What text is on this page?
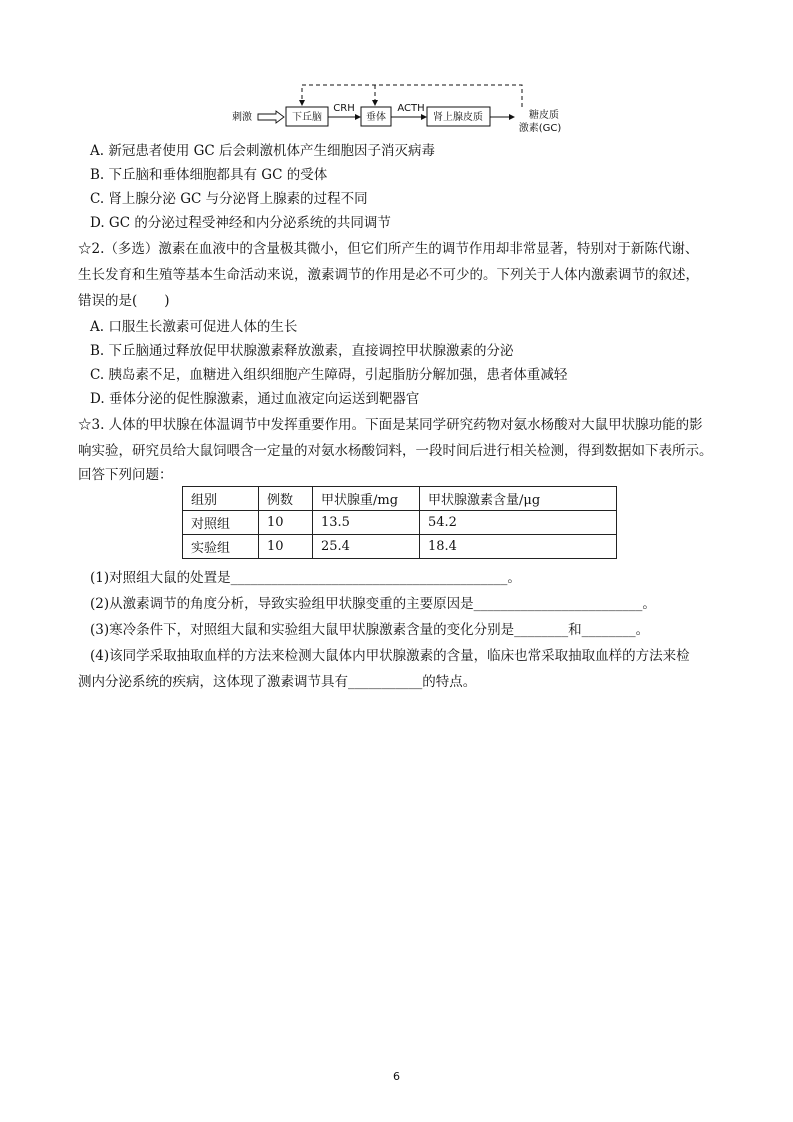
刺激	下丘脑
CRH
垂体
ACTH
肾上腺皮质	糖皮质
激素(GC)
A. 新冠患者使用 GC 后会刺激机体产生细胞因子消灭病毒
B. 下丘脑和垂体细胞都具有 GC 的受体
C. 肾上腺分泌 GC 与分泌肾上腺素的过程不同
D. GC 的分泌过程受神经和内分泌系统的共同调节
☆2.（多选）激素在血液中的含量极其微小，但它们所产生的调节作用却非常显著，特别对于新陈代谢、
生长发育和生殖等基本生命活动来说，激素调节的作用是必不可少的。下列关于人体内激素调节的叙述，
错误的是(　　)
A. 口服生长激素可促进人体的生长
B. 下丘脑通过释放促甲状腺激素释放激素，直接调控甲状腺激素的分泌
C. 胰岛素不足，血糖进入组织细胞产生障碍，引起脂肪分解加强，患者体重减轻
D. 垂体分泌的促性腺激素，通过血液定向运送到靶器官
☆3. 人体的甲状腺在体温调节中发挥重要作用。下面是某同学研究药物对氨水杨酸对大鼠甲状腺功能的影
响实验，研究员给大鼠饲喂含一定量的对氨水杨酸饲料，一段时间后进行相关检测，得到数据如下表所示。
回答下列问题：
组别	例数	甲状腺重/mg	甲状腺激素含量/μg
对照组	10	13.5	54.2
实验组	10	25.4	18.4
(1)对照组大鼠的处置是_________________________________________。
(2)从激素调节的角度分析，导致实验组甲状腺变重的主要原因是_________________________。
(3)寒冷条件下，对照组大鼠和实验组大鼠甲状腺激素含量的变化分别是________和________。
(4)该同学采取抽取血样的方法来检测大鼠体内甲状腺激素的含量，临床也常采取抽取血样的方法来检
测内分泌系统的疾病，这体现了激素调节具有___________的特点。
6
